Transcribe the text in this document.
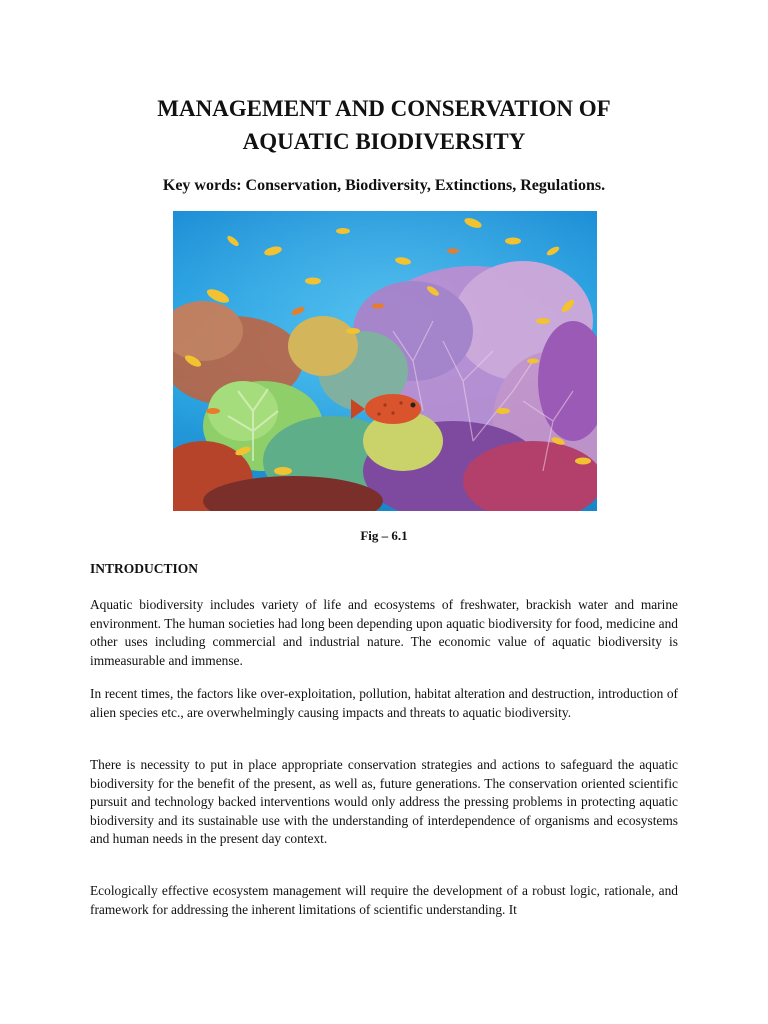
MANAGEMENT AND CONSERVATION OF
AQUATIC BIODIVERSITY

Key words: Conservation, Biodiversity, Extinctions, Regulations.

Fig – 6.1

INTRODUCTION

Aquatic biodiversity includes variety of life and ecosystems of freshwater, brackish water and marine environment. The human societies had long been depending upon aquatic biodiversity for food, medicine and other uses including commercial and industrial nature. The economic value of aquatic biodiversity is immeasurable and immense.

In recent times, the factors like over-exploitation, pollution, habitat alteration and destruction, introduction of alien species etc., are overwhelmingly causing impacts and threats to aquatic biodiversity.

There is necessity to put in place appropriate conservation strategies and actions to safeguard the aquatic biodiversity for the benefit of the present, as well as, future generations. The conservation oriented scientific pursuit and technology backed interventions would only address the pressing problems in protecting aquatic biodiversity and its sustainable use with the understanding of interdependence of organisms and ecosystems and human needs in the present day context.

Ecologically effective ecosystem management will require the development of a robust logic, rationale, and framework for addressing the inherent limitations of scientific understanding. It
